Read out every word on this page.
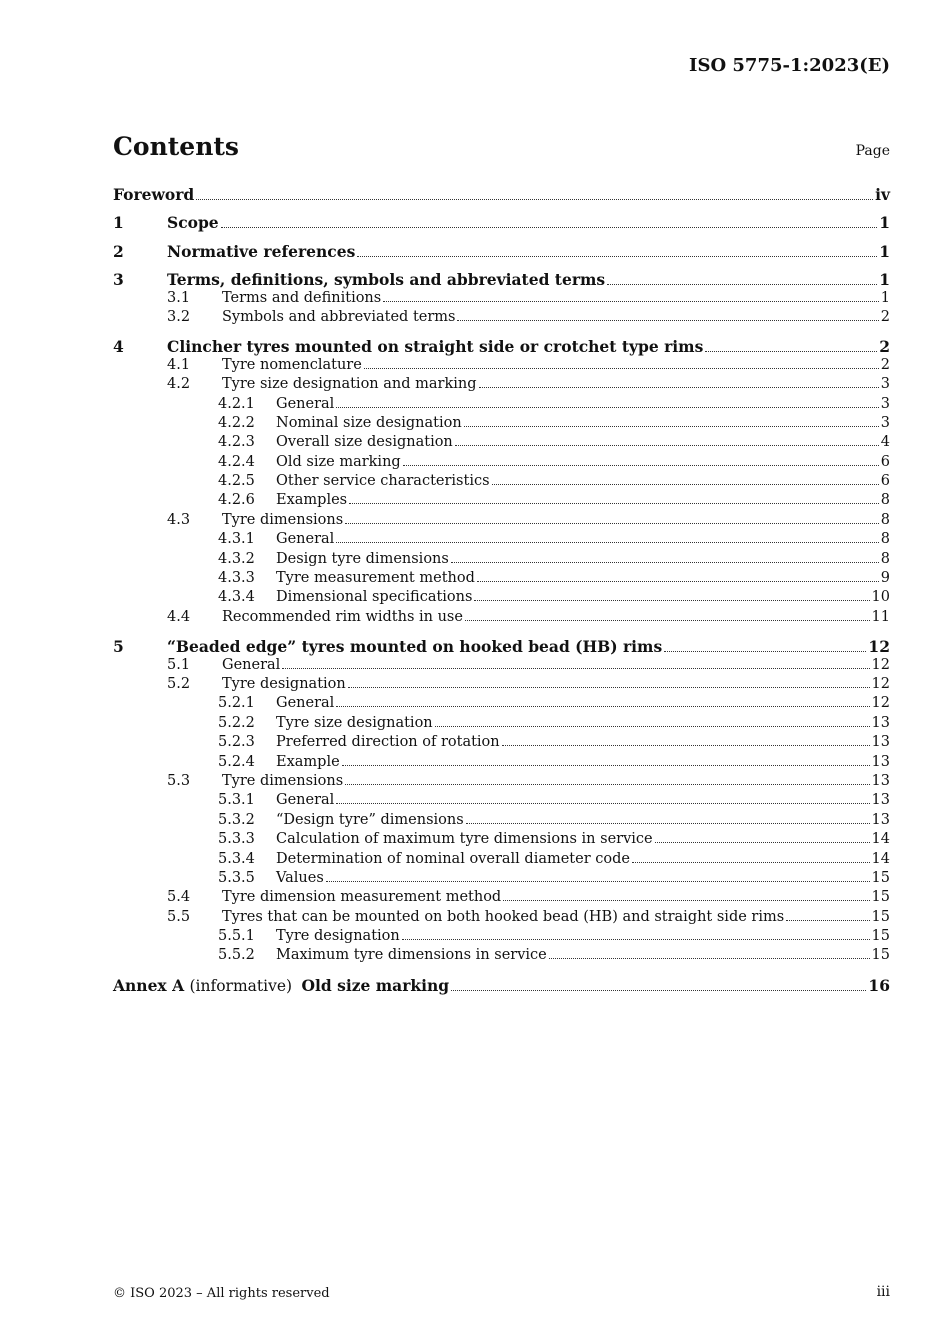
ISO 5775-1:2023(E)
Contents	Page
Foreword	iv
1	Scope	1
2	Normative references	1
3	Terms, definitions, symbols and abbreviated terms	1
3.1	Terms and definitions	1
3.2	Symbols and abbreviated terms	2
4	Clincher tyres mounted on straight side or crotchet type rims	2
4.1	Tyre nomenclature	2
4.2	Tyre size designation and marking	3
4.2.1	General	3
4.2.2	Nominal size designation	3
4.2.3	Overall size designation	4
4.2.4	Old size marking	6
4.2.5	Other service characteristics	6
4.2.6	Examples	8
4.3	Tyre dimensions	8
4.3.1	General	8
4.3.2	Design tyre dimensions	8
4.3.3	Tyre measurement method	9
4.3.4	Dimensional specifications	10
4.4	Recommended rim widths in use	11
5	“Beaded edge” tyres mounted on hooked bead (HB) rims	12
5.1	General	12
5.2	Tyre designation	12
5.2.1	General	12
5.2.2	Tyre size designation	13
5.2.3	Preferred direction of rotation	13
5.2.4	Example	13
5.3	Tyre dimensions	13
5.3.1	General	13
5.3.2	“Design tyre” dimensions	13
5.3.3	Calculation of maximum tyre dimensions in service	14
5.3.4	Determination of nominal overall diameter code	14
5.3.5	Values	15
5.4	Tyre dimension measurement method	15
5.5	Tyres that can be mounted on both hooked bead (HB) and straight side rims	15
5.5.1	Tyre designation	15
5.5.2	Maximum tyre dimensions in service	15
Annex A (informative) Old size marking	16
© ISO 2023 – All rights reserved	iii
